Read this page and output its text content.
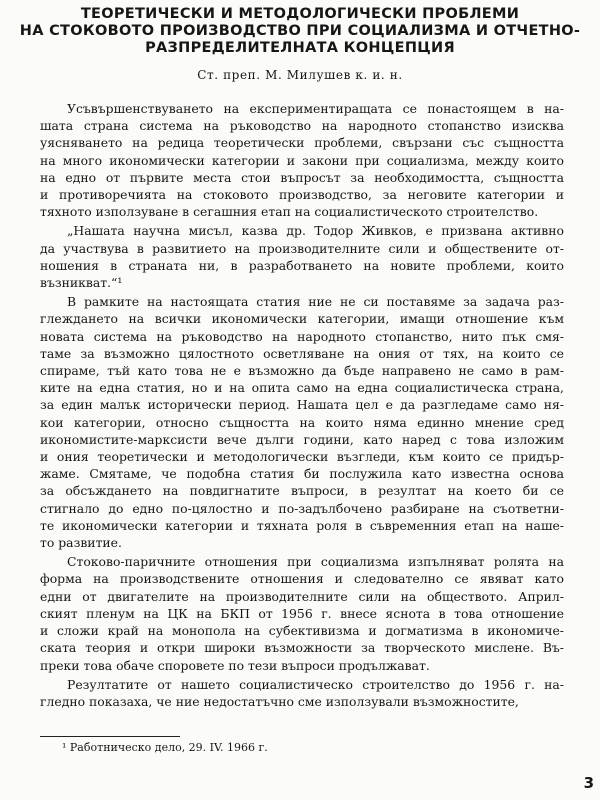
ТЕОРЕТИЧЕСКИ И МЕТОДОЛОГИЧЕСКИ ПРОБЛЕМИ
НА СТОКОВОТО ПРОИЗВОДСТВО ПРИ СОЦИАЛИЗМА И ОТЧЕТНО-
РАЗПРЕДЕЛИТЕЛНАТА КОНЦЕПЦИЯ
Ст. преп. М. Милушев к. и. н.

Усъвършенствуването на експериментиращата се понастоящем в на-
шата страна система на ръководство на народното стопанство изисква
уясняването на редица теоретически проблеми, свързани със същността
на много икономически категории и закони при социализма, между които
на едно от първите места стои въпросът за необходимостта, същността
и противоречията на стоковото производство, за неговите категории и
тяхното използуване в сегашния етап на социалистическото строителство.

„Нашата научна мисъл, казва др. Тодор Живков, е призвана активно
да участвува в развитието на производителните сили и обществените от-
ношения в страната ни, в разработването на новите проблеми, които
възникват.“¹

В рамките на настоящата статия ние не си поставяме за задача раз-
глеждането на всички икономически категории, имащи отношение към
новата система на ръководство на народното стопанство, нито пък смя-
таме за възможно цялостното осветляване на ония от тях, на които се
спираме, тъй като това не е възможно да бъде направено не само в рам-
ките на една статия, но и на опита само на една социалистическа страна,
за един малък исторически период. Нашата цел е да разгледаме само ня-
кои категории, относно същността на които няма единно мнение сред
икономистите-марксисти вече дълги години, като наред с това изложим
и ония теоретически и методологически възгледи, към които се придър-
жаме. Смятаме, че подобна статия би послужила като известна основа
за обсъждането на повдигнатите въпроси, в резултат на което би се
стигнало до едно по-цялостно и по-задълбочено разбиране на съответни-
те икономически категории и тяхната роля в съвременния етап на наше-
то развитие.

Стоково-паричните отношения при социализма изпълняват ролята на
форма на производствените отношения и следователно се явяват като
едни от двигателите на производителните сили на обществото. Април-
ският пленум на ЦК на БКП от 1956 г. внесе яснота в това отношение
и сложи край на монопола на субективизма и догматизма в икономиче-
ската теория и откри широки възможности за творческото мислене. Въ-
преки това обаче споровете по тези въпроси продължават.

Резултатите от нашето социалистическо строителство до 1956 г. на-
гледно показаха, че ние недостатъчно сме използували възможностите,

¹ Работническо дело, 29. IV. 1966 г.
3
